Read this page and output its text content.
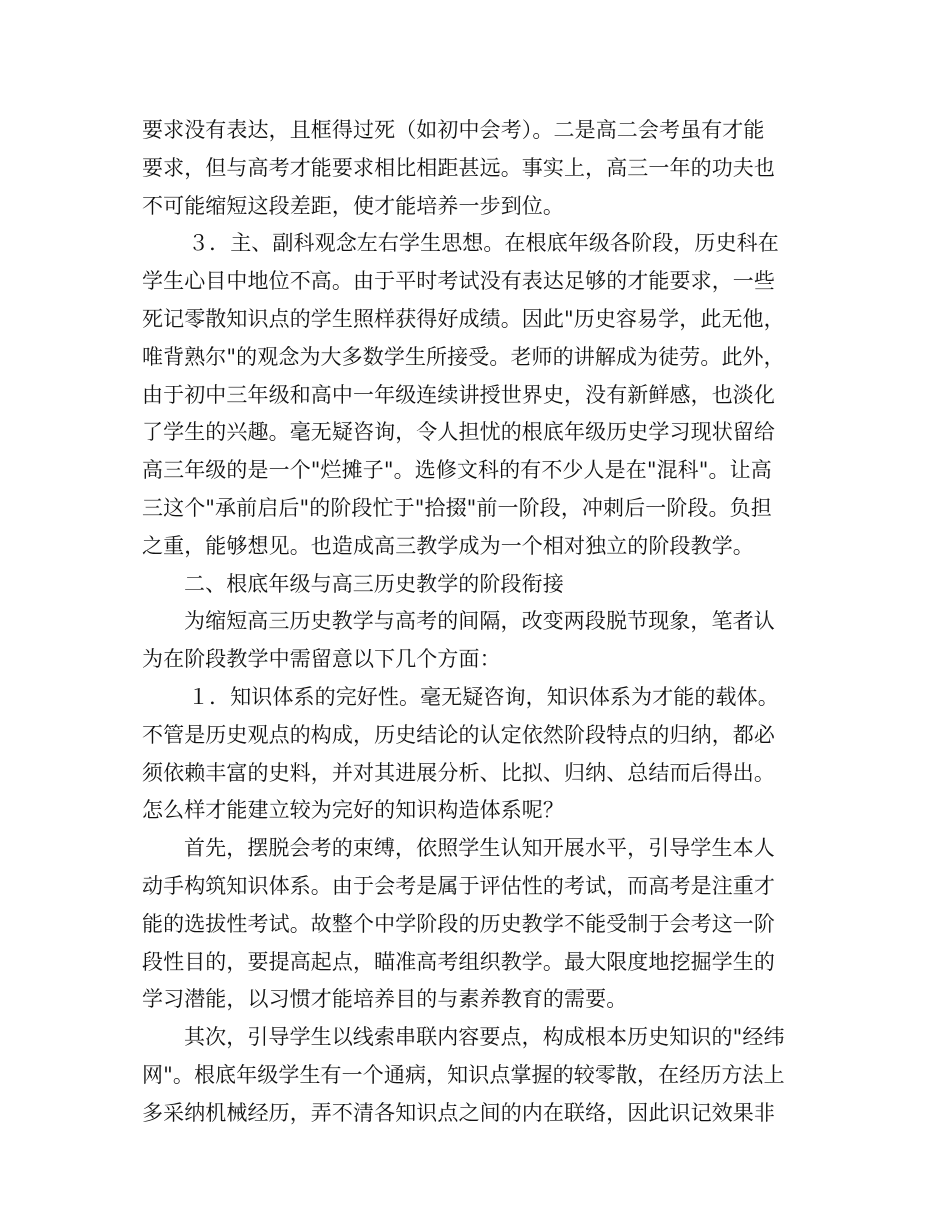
要求没有表达，且框得过死（如初中会考）。二是高二会考虽有才能
要求，但与高考才能要求相比相距甚远。事实上，高三一年的功夫也
不可能缩短这段差距，使才能培养一步到位。
３．主、副科观念左右学生思想。在根底年级各阶段，历史科在
学生心目中地位不高。由于平时考试没有表达足够的才能要求，一些
死记零散知识点的学生照样获得好成绩。因此"历史容易学，此无他，
唯背熟尔"的观念为大多数学生所接受。老师的讲解成为徒劳。此外，
由于初中三年级和高中一年级连续讲授世界史，没有新鲜感，也淡化
了学生的兴趣。毫无疑咨询，令人担忧的根底年级历史学习现状留给
高三年级的是一个"烂摊子"。选修文科的有不少人是在"混科"。让高
三这个"承前启后"的阶段忙于"拾掇"前一阶段，冲刺后一阶段。负担
之重，能够想见。也造成高三教学成为一个相对独立的阶段教学。
二、根底年级与高三历史教学的阶段衔接
为缩短高三历史教学与高考的间隔，改变两段脱节现象，笔者认
为在阶段教学中需留意以下几个方面：
１．知识体系的完好性。毫无疑咨询，知识体系为才能的载体。
不管是历史观点的构成，历史结论的认定依然阶段特点的归纳，都必
须依赖丰富的史料，并对其进展分析、比拟、归纳、总结而后得出。
怎么样才能建立较为完好的知识构造体系呢？
首先，摆脱会考的束缚，依照学生认知开展水平，引导学生本人
动手构筑知识体系。由于会考是属于评估性的考试，而高考是注重才
能的选拔性考试。故整个中学阶段的历史教学不能受制于会考这一阶
段性目的，要提高起点，瞄准高考组织教学。最大限度地挖掘学生的
学习潜能，以习惯才能培养目的与素养教育的需要。
其次，引导学生以线索串联内容要点，构成根本历史知识的"经纬
网"。根底年级学生有一个通病，知识点掌握的较零散，在经历方法上
多采纳机械经历，弄不清各知识点之间的内在联络，因此识记效果非
